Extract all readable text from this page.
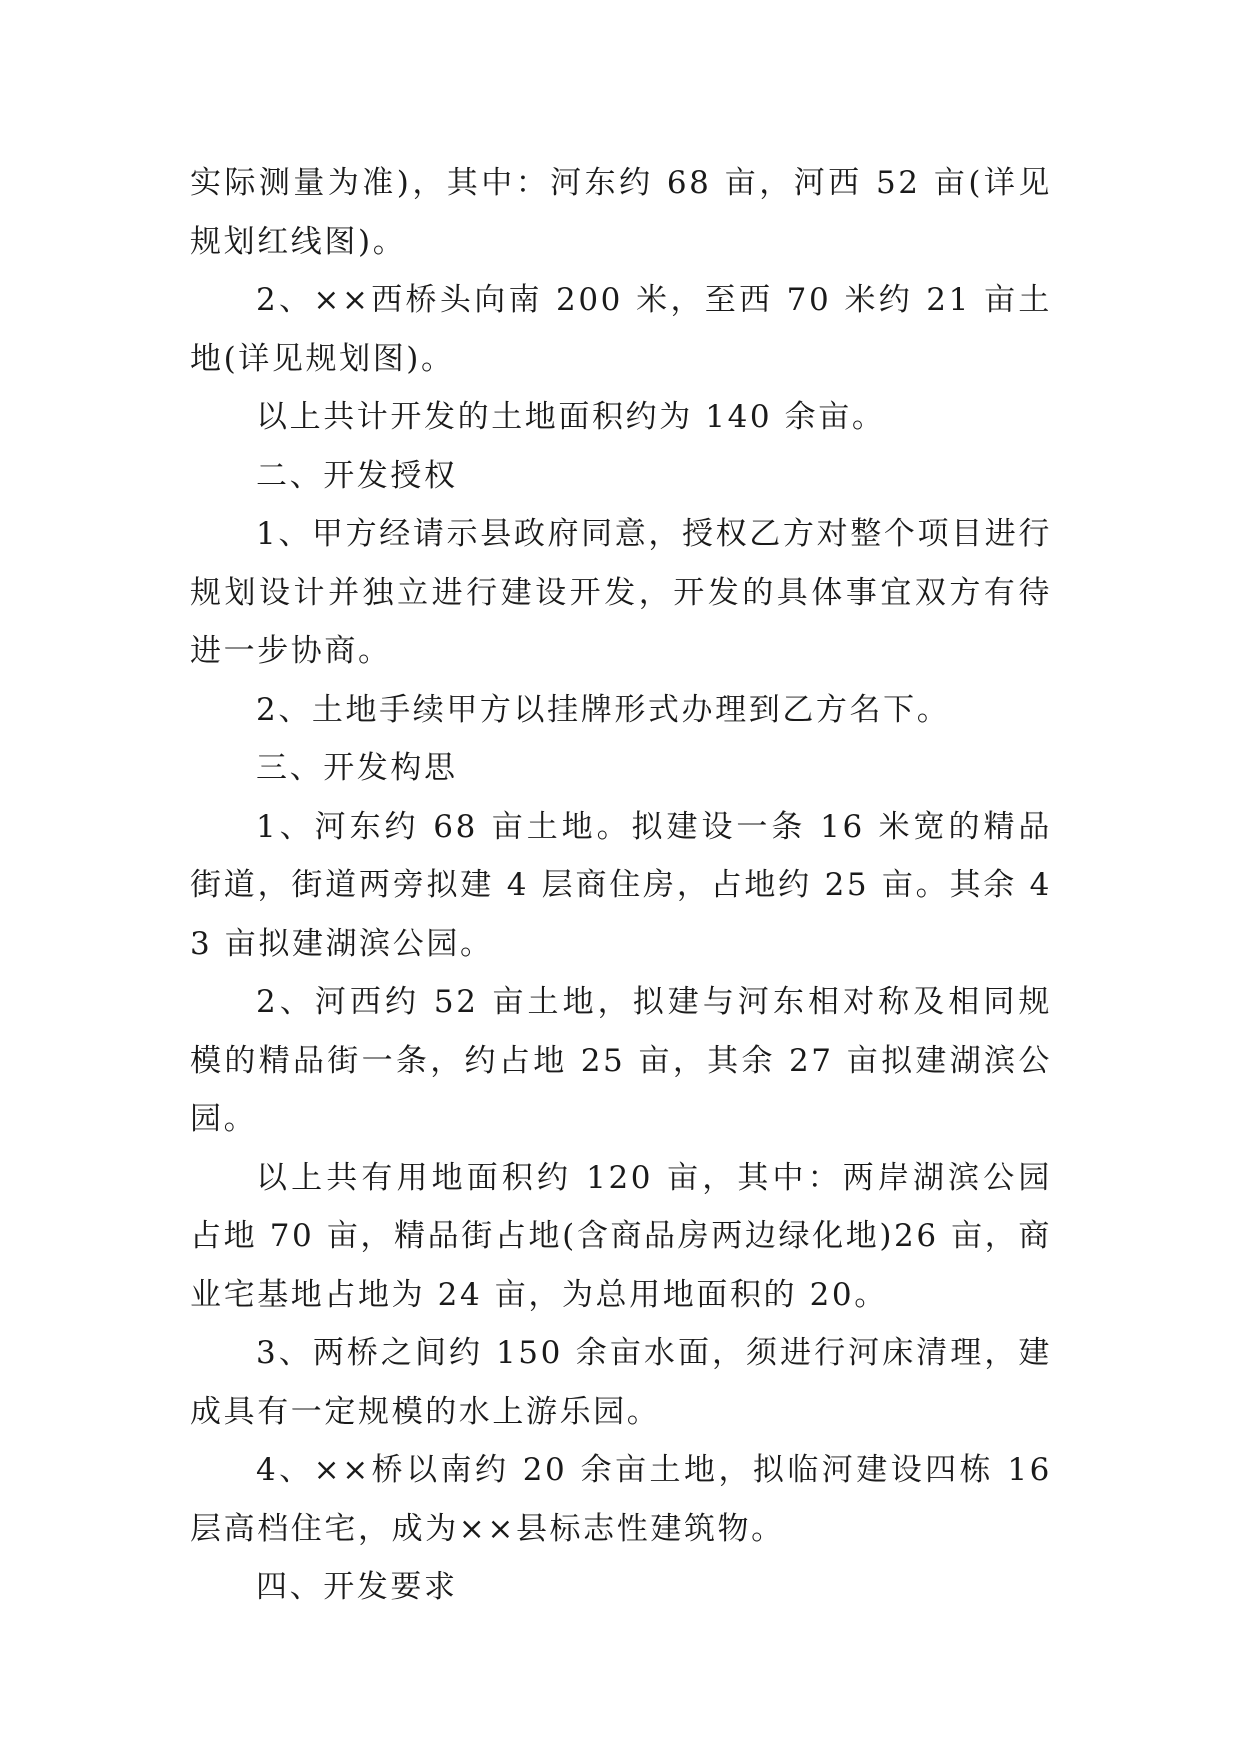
实际测量为准)，其中：河东约 68 亩，河西 52 亩(详见规划红线图)。

2、××西桥头向南 200 米，至西 70 米约 21 亩土地(详见规划图)。

以上共计开发的土地面积约为 140 余亩。

二、开发授权

1、甲方经请示县政府同意，授权乙方对整个项目进行规划设计并独立进行建设开发，开发的具体事宜双方有待进一步协商。

2、土地手续甲方以挂牌形式办理到乙方名下。

三、开发构思

1、河东约 68 亩土地。拟建设一条 16 米宽的精品街道，街道两旁拟建 4 层商住房，占地约 25 亩。其余 43 亩拟建湖滨公园。

2、河西约 52 亩土地，拟建与河东相对称及相同规模的精品街一条，约占地 25 亩，其余 27 亩拟建湖滨公园。

以上共有用地面积约 120 亩，其中：两岸湖滨公园占地 70 亩，精品街占地(含商品房两边绿化地)26 亩，商业宅基地占地为 24 亩，为总用地面积的 20。

3、两桥之间约 150 余亩水面，须进行河床清理，建成具有一定规模的水上游乐园。

4、××桥以南约 20 余亩土地，拟临河建设四栋 16 层高档住宅，成为××县标志性建筑物。

四、开发要求
